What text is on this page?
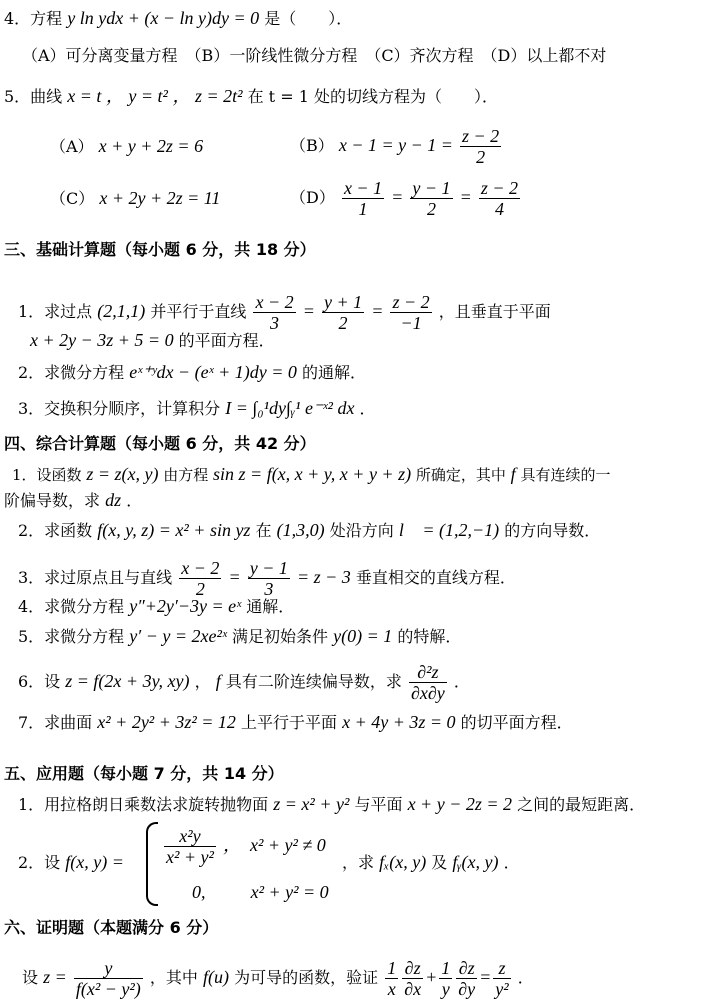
4．方程 y ln ydx + (x − ln y)dy = 0 是（　　）．
（A）可分离变量方程　（B）一阶线性微分方程　（C）齐次方程　（D）以上都不对
5．曲线 x = t ， y = t² ， z = 2t² 在 t = 1 处的切线方程为（　　）．
（A） x + y + 2z = 6	（B） $x - 1 = y - 1 = \frac{z - 2}{2}$
（C） x + 2y + 2z = 11	$(D) \frac{x - 1}{1} = \frac{y - 1}{2} = \frac{z - 2}{4}$
三、基础计算题（每小题 6 分，共 18 分）
1．求过点 (2,1,1) 并平行于直线 $\frac{x - 2}{3} = \frac{y + 1}{2} = \frac{z - 2}{-1}$ ，且垂直于平面
x + 2y − 3z + 5 = 0 的平面方程．
2．求微分方程 eˣ⁺ʸdx − (eˣ + 1)dy = 0 的通解．
3．交换积分顺序，计算积分 I = ∫₀¹dy∫ᵧ¹ e⁻ˣ² dx ．
四、综合计算题（每小题 6 分，共 42 分）
1．设函数 z = z(x, y) 由方程 sin z = f(x, x + y, x + y + z) 所确定，其中 f 具有连续的一
阶偏导数，求 dz ．
2．求函数 f(x, y, z) = x² + sin yz 在 (1,3,0) 处沿方向 l⃗ = (1,2,−1) 的方向导数．
3．求过原点且与直线 $\frac{x - 2}{2} = \frac{y - 1}{3} = z - 3$ 垂直相交的直线方程．
4．求微分方程 y″+2y′−3y = eˣ 通解．
5．求微分方程 y′ − y = 2xe²ˣ 满足初始条件 y(0) = 1 的特解．
6．设 z = f(2x + 3y, xy) ， f 具有二阶连续偏导数，求 $\frac{\text{∂²z}}{\partial x\partial y}$ ．
7．求曲面 x² + 2y² + 3z² = 12 上平行于平面 x + 4y + 3z = 0 的切平面方程．
五、应用题（每小题 7 分，共 14 分）
1．用拉格朗日乘数法求旋转抛物面 z = x² + y² 与平面 x + y − 2z = 2 之间的最短距离．
2．设 f(x, $y) = \frac{\text{x²y}}{\text{x² + y²}}$ ，　x² + y² ≠ 0
0,	x² + y² = 0
，求 fₓ(x, y) 及 fᵧ(x, y) ．
六、证明题（本题满分 6 分）
设 $z = \frac{y}{\text{f(x² − y²)}}$ ，其中 f(u) 为可导的函数，验证 $\frac{1}{x} \frac{\partial z}{\partial x} + \frac{1}{y} \frac{\partial z}{\partial y} = \frac{z}{\text{y²}}$ ．
